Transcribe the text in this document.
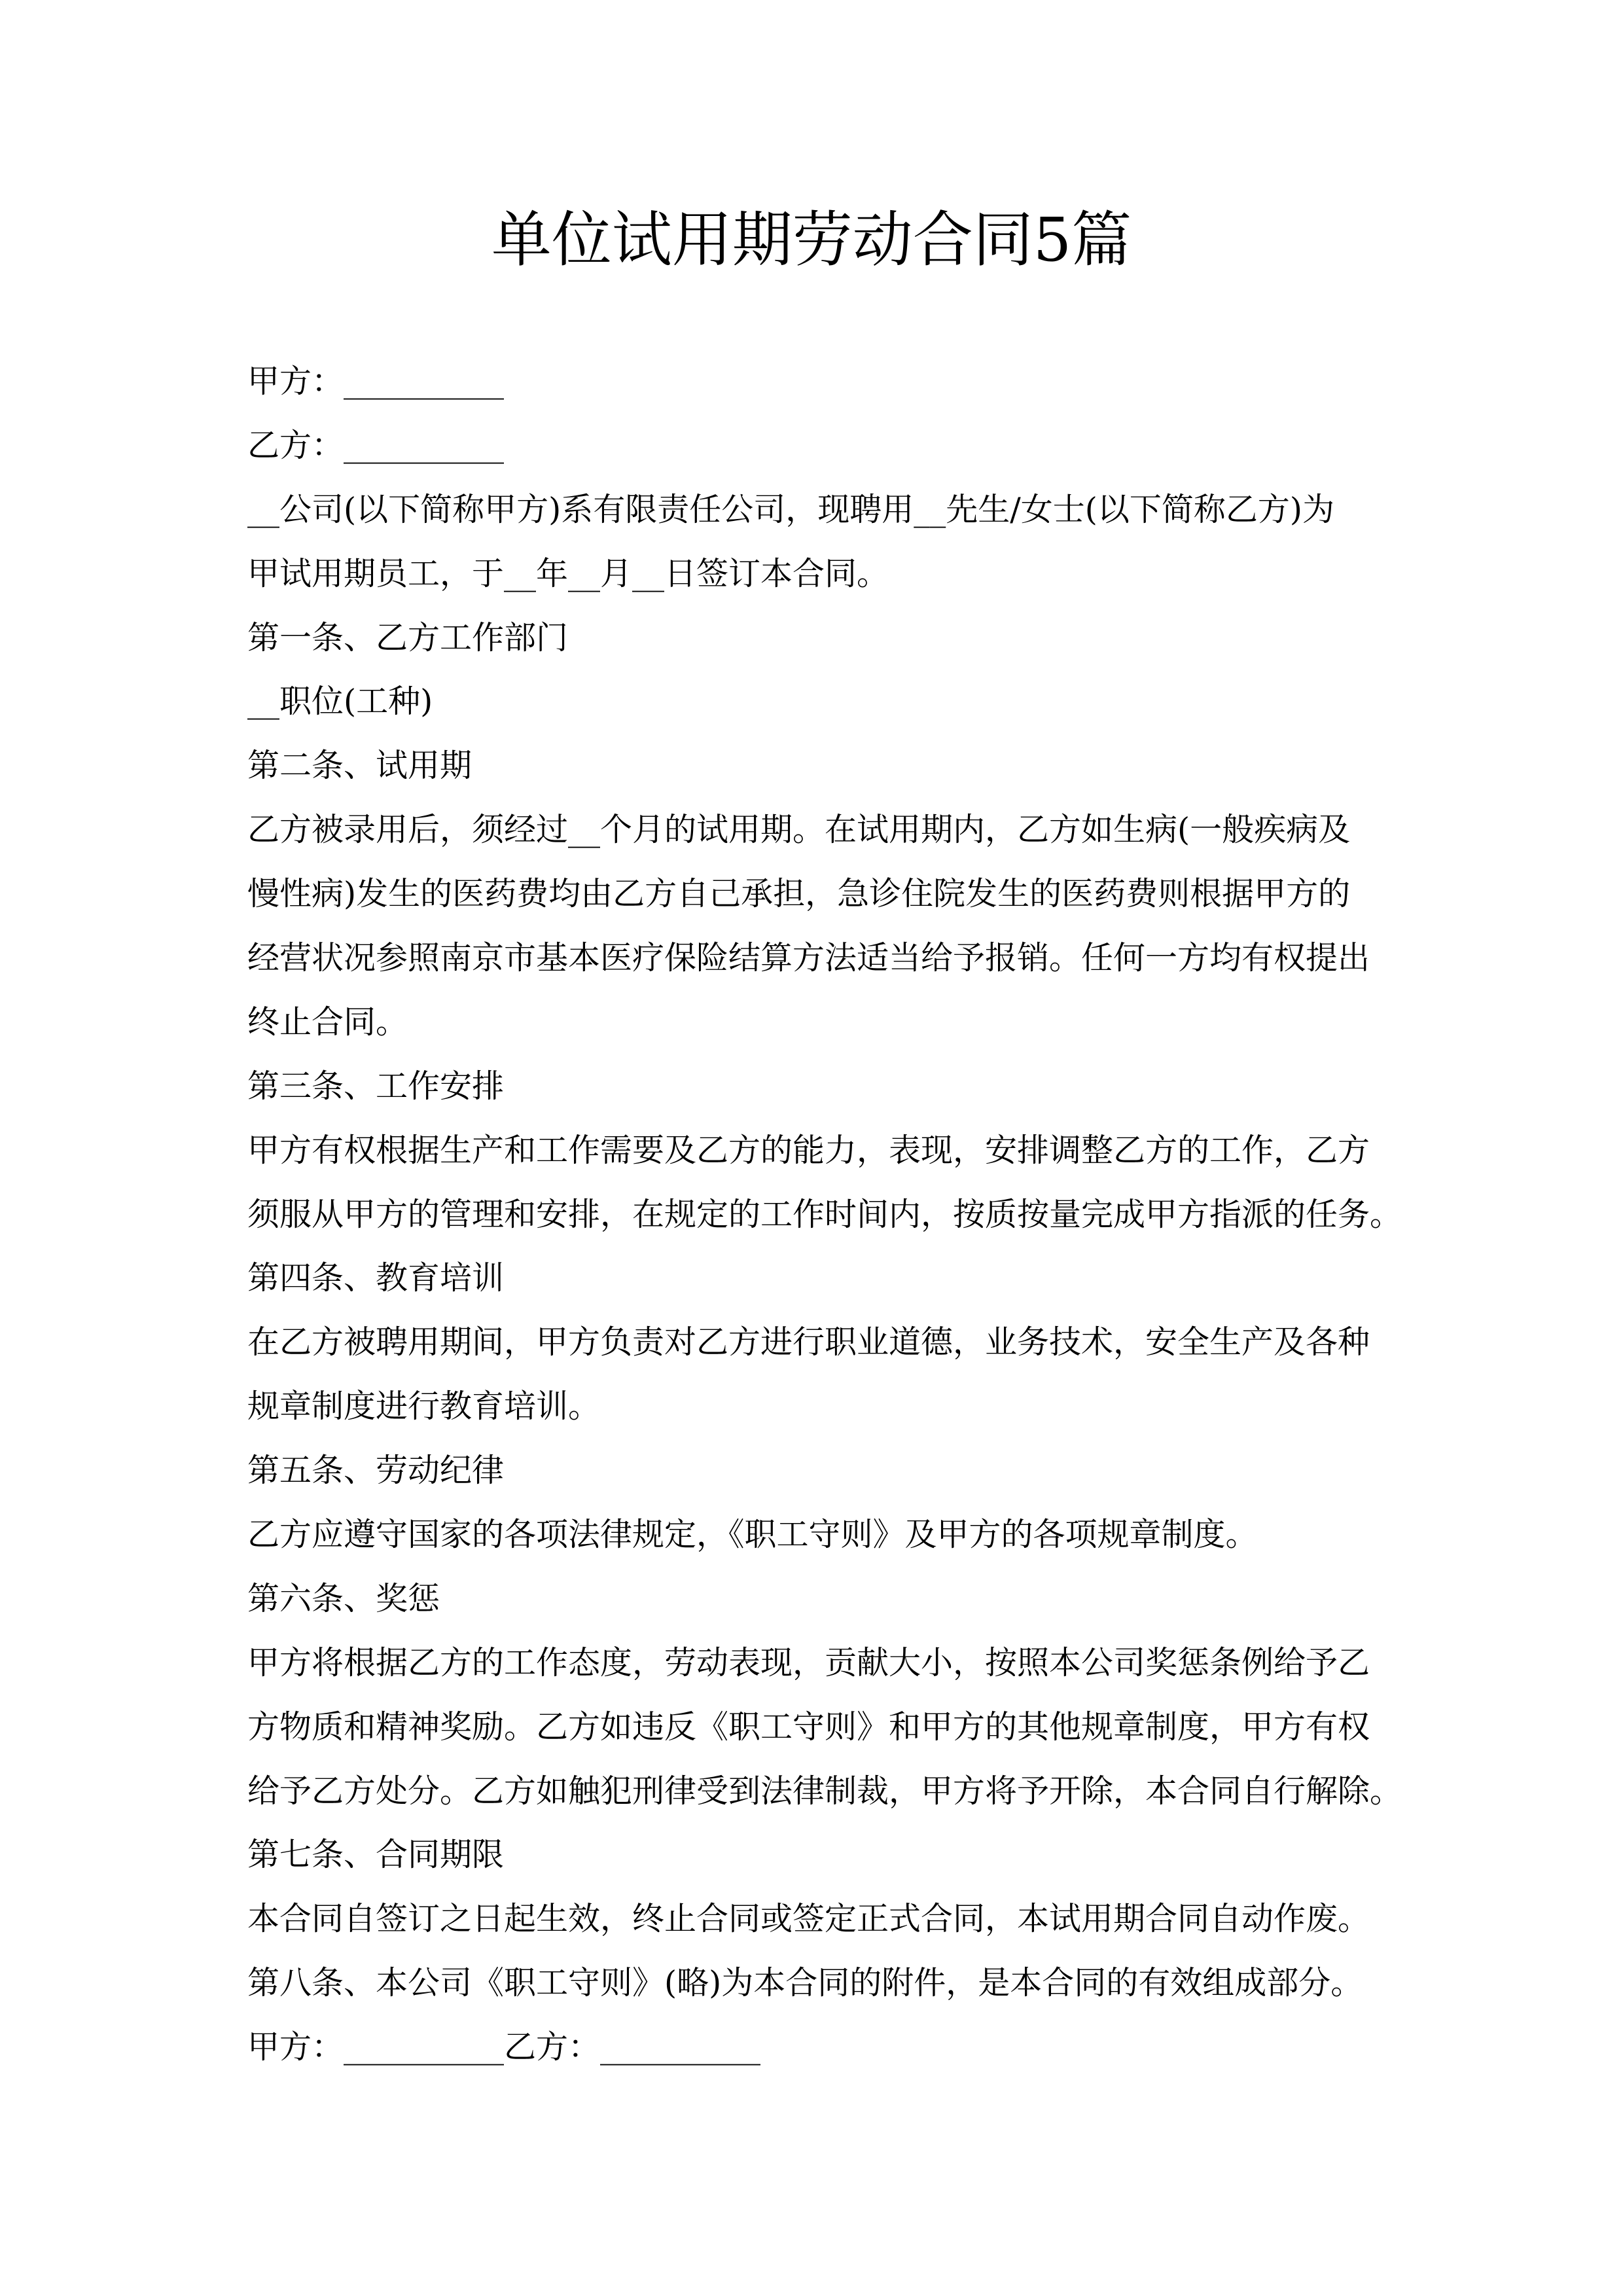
单位试用期劳动合同5篇
甲方：__________
乙方：__________
__公司(以下简称甲方)系有限责任公司，现聘用__先生/女士(以下简称乙方)为
甲试用期员工，于__年__月__日签订本合同。
第一条、乙方工作部门
__职位(工种)
第二条、试用期
乙方被录用后，须经过__个月的试用期。在试用期内，乙方如生病(一般疾病及
慢性病)发生的医药费均由乙方自己承担，急诊住院发生的医药费则根据甲方的
经营状况参照南京市基本医疗保险结算方法适当给予报销。任何一方均有权提出
终止合同。
第三条、工作安排
甲方有权根据生产和工作需要及乙方的能力，表现，安排调整乙方的工作，乙方
须服从甲方的管理和安排，在规定的工作时间内，按质按量完成甲方指派的任务。
第四条、教育培训
在乙方被聘用期间，甲方负责对乙方进行职业道德，业务技术，安全生产及各种
规章制度进行教育培训。
第五条、劳动纪律
乙方应遵守国家的各项法律规定，《职工守则》及甲方的各项规章制度。
第六条、奖惩
甲方将根据乙方的工作态度，劳动表现，贡献大小，按照本公司奖惩条例给予乙
方物质和精神奖励。乙方如违反《职工守则》和甲方的其他规章制度，甲方有权
给予乙方处分。乙方如触犯刑律受到法律制裁，甲方将予开除，本合同自行解除。
第七条、合同期限
本合同自签订之日起生效，终止合同或签定正式合同，本试用期合同自动作废。
第八条、本公司《职工守则》(略)为本合同的附件，是本合同的有效组成部分。
甲方：__________乙方：__________
